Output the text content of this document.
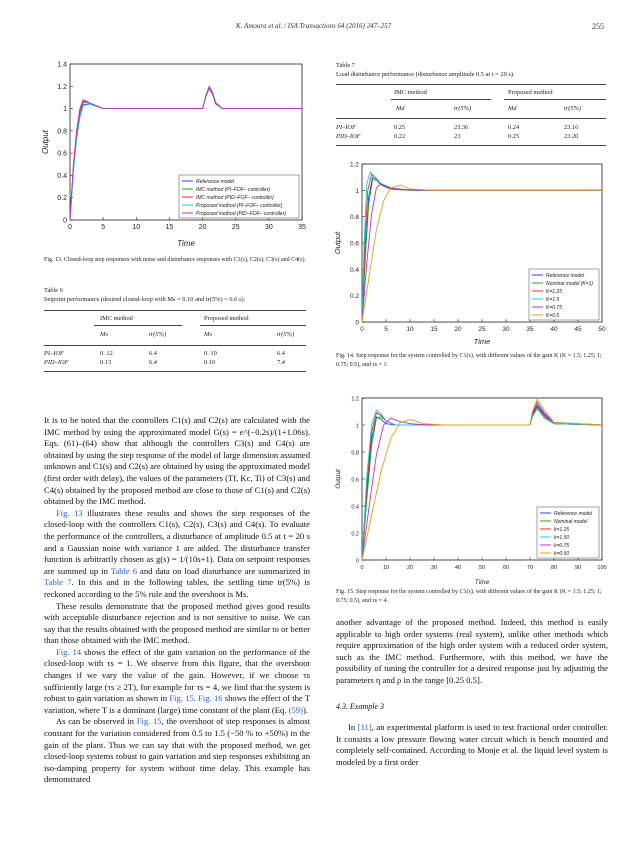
K. Amoura et al. / ISA Transactions 64 (2016) 247–257	255
0	5	10	15	20	25	30	35
0
0.2
0.4
0.6
0.8
1
1.2
1.4
Time
Output
Reference model
IMC method (PI–FOF– controller)
IMC method (PID–FOF– controller)
Proposed method (PI–FOF– controller)
Proposed method (PID–FOF– controller)
Fig. 13. Closed-loop step responses with noise and disturbance responses with C1(s), C2(s), C3(s) and C4(s).
Table 6
Setpoint performance (desired closed-loop with Ms = 0.10 and tr(5%) = 6.6 s).
IMC method	Proposed method
Ms	tr(5%)	Ms	tr(5%)
PI–IOF	0. 12	6.4	0. 10	6.4
PID–IOF	0.13	6.4	0.10	7.4
Table 7
Load disturbance performance (disturbance amplitude 0.5 at t = 20 s).
IMC method	Proposed method
Md	tr(5%)	Md	tr(5%)
PI–IOF	0.25	23.36	0.24	23.16
PID–IOF	0.22	23	0.25	23.20
0	5	10	15	20	25	30	35	40	45	50
0
0.2
0.4
0.6
0.8
1
1.2
Time
Output
Reference model
Nominal model (K=1)
K=1.25
K=1.5
K=0.75
K=0.5
Fig. 14. Step response for the system controlled by C1(s), with different values of the gain K (K = 1.5; 1.25; 1; 0.75; 0.5), and τs = 1.
0	10	20	30	40	50	60	70	80	90	100
0
0.2
0.4
0.6
0.8
1
1.2
Time
Output
Reference model
Nominal model
k=1.25
k=1.50
k=0.75
k=0.50
Fig. 15. Step response for the system controlled by C1(s), with different values of the gain K (K = 1.5; 1.25; 1; 0.75; 0.5), and τs = 4.

It is to be noted that the controllers C1(s) and C2(s) are calculated with the IMC method by using the approximated model G(s) = e^(−0.2s)/(1+1.06s). Eqs. (61)–(64) show that although the controllers C3(s) and C4(s) are obtained by using the step response of the model of large dimension assumed unknown and C1(s) and C2(s) are obtained by using the approximated model (first order with delay), the values of the parameters (Tf, Kc, Ti) of C3(s) and C4(s) obtained by the proposed method are close to those of C1(s) and C2(s) obtained by the IMC method.

Fig. 13 illustrates these results and shows the step responses of the closed-loop with the controllers C1(s), C2(s), C3(s) and C4(s). To evaluate the performance of the controllers, a disturbance of amplitude 0.5 at t = 20 s and a Gaussian noise with variance 1 are added. The disturbance transfer function is arbitrarily chosen as g(s) = 1/(10s+1). Data on setpoint responses are summed up in Table 6 and data on load disturbance are summarized in Table 7. In this and in the following tables, the settling time tr(5%) is reckoned according to the 5% rule and the overshoot is Ms.

These results demonstrate that the proposed method gives good results with acceptable disturbance rejection and is not sensitive to noise. We can say that the results obtained with the proposed method are similar to or better than those obtained with the IMC method.

Fig. 14 shows the effect of the gain variation on the performance of the closed-loop with τs = 1. We observe from this figure, that the overshoot changes if we vary the value of the gain. However, if we choose τs sufficiently large (τs ≥ 2T), for example for τs = 4, we find that the system is robust to gain variation as shown in Fig. 15. Fig. 16 shows the effect of the T variation, where T is a dominant (large) time constant of the plant (Eq. (59)).

As can be observed in Fig. 15, the overshoot of step responses is almost constant for the variation considered from 0.5 to 1.5 (−50 % to +50%) in the gain of the plant. Thus we can say that with the proposed method, we get closed-loop systems robust to gain variation and step responses exhibiting an iso-damping property for system without time delay. This example has demonstrated

another advantage of the proposed method. Indeed, this method is easily applicable to high order systems (real system), unlike other methods which require approximation of the high order system with a reduced order system, such as the IMC method. Furthermore, with this method, we have the possibility of tuning the controller for a desired response just by adjusting the parameters η and ρ in the range [0.25 0.5].

4.3. Example 3

In [11], an experimental platform is used to test fractional order controller. It consists a low pressure flowing water circuit which is bench mounted and completely self-contained. According to Monje et al. the liquid level system is modeled by a first order
